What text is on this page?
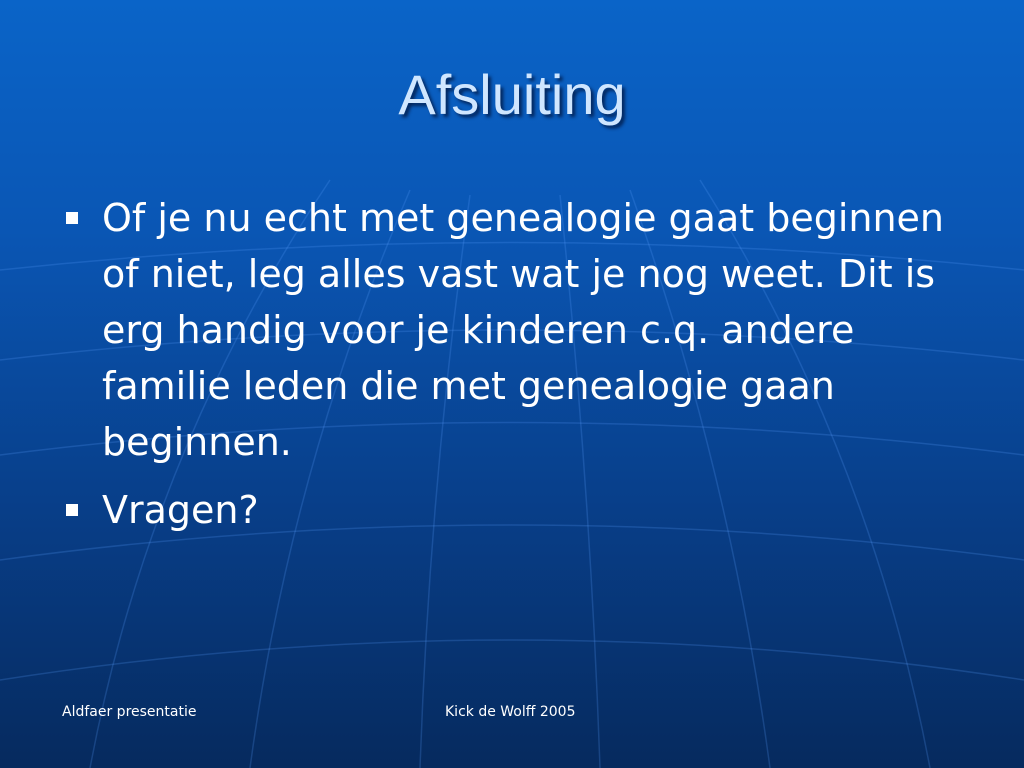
Afsluiting
Of je nu echt met genealogie gaat beginnen of niet, leg alles vast wat je nog weet. Dit is erg handig voor je kinderen c.q. andere familie leden die met genealogie gaan beginnen.
Vragen?
Aldfaer presentatie	Kick de Wolff 2005
